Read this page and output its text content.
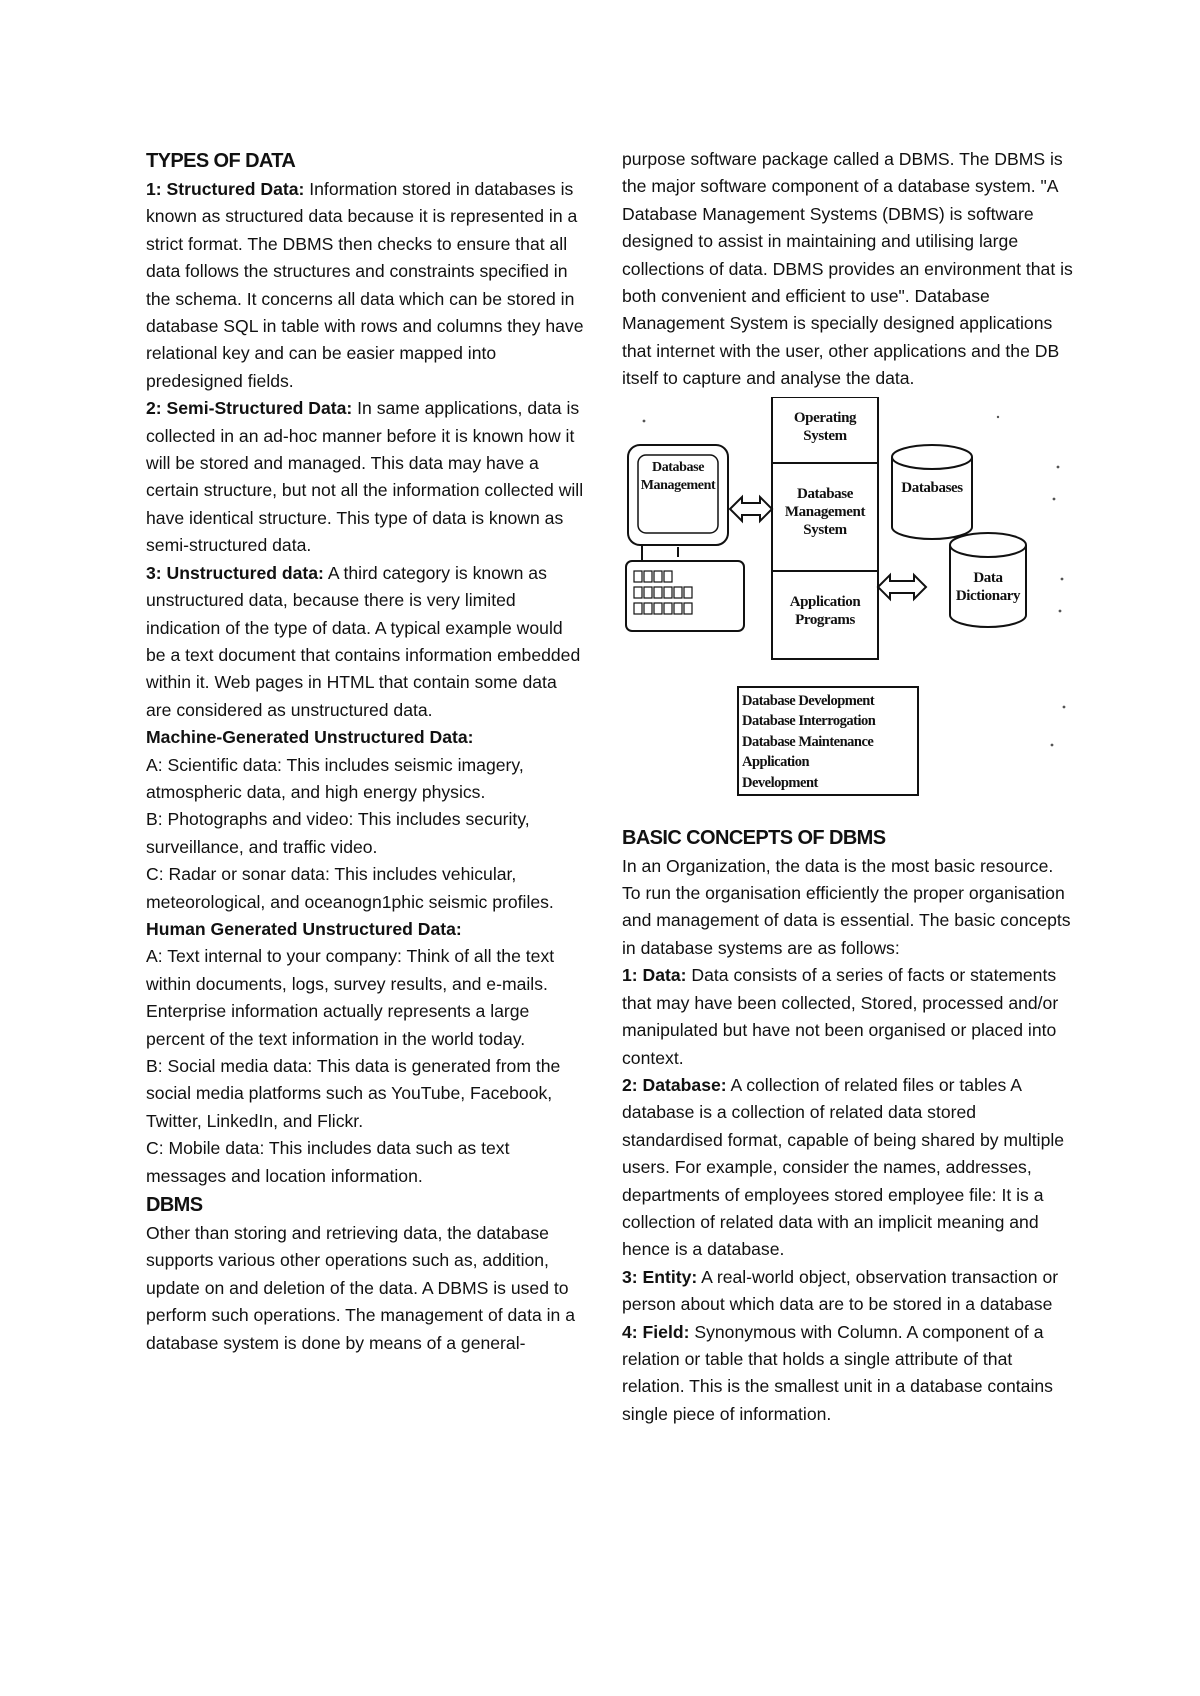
TYPES OF DATA

1: Structured Data: Information stored in databases is known as structured data because it is represented in a strict format. The DBMS then checks to ensure that all data follows the structures and constraints specified in the schema. It concerns all data which can be stored in database SQL in table with rows and columns they have relational key and can be easier mapped into predesigned fields.

2: Semi-Structured Data: In same applications, data is collected in an ad-hoc manner before it is known how it will be stored and managed. This data may have a certain structure, but not all the information collected will have identical structure. This type of data is known as semi-structured data.

3: Unstructured data: A third category is known as unstructured data, because there is very limited indication of the type of data. A typical example would be a text document that contains information embedded within it. Web pages in HTML that contain some data are considered as unstructured data.

Machine-Generated Unstructured Data:

A: Scientific data: This includes seismic imagery, atmospheric data, and high energy physics.

B: Photographs and video: This includes security, surveillance, and traffic video.

C: Radar or sonar data: This includes vehicular, meteorological, and oceanogn1phic seismic profiles.

Human Generated Unstructured Data:

A: Text internal to your company: Think of all the text within documents, logs, survey results, and e-mails. Enterprise information actually represents a large percent of the text information in the world today.

B: Social media data: This data is generated from the social media platforms such as YouTube, Facebook, Twitter, LinkedIn, and Flickr.

C: Mobile data: This includes data such as text messages and location information.

DBMS

Other than storing and retrieving data, the database supports various other operations such as, addition, update on and deletion of the data. A DBMS is used to perform such operations. The management of data in a database system is done by means of a general-

purpose software package called a DBMS. The DBMS is the major software component of a database system. "A Database Management Systems (DBMS) is software designed to assist in maintaining and utilising large collections of data. DBMS provides an environment that is both convenient and efficient to use". Database Management System is specially designed applications that internet with the user, other applications and the DB itself to capture and analyse the data.

Operating System
Database Management System
Application Programs
Database Management	Databases
Data Dictionary
Database Development
Database Interrogation
Database Maintenance
Application
Development
BASIC CONCEPTS OF DBMS

In an Organization, the data is the most basic resource. To run the organisation efficiently the proper organisation and management of data is essential. The basic concepts in database systems are as follows:

1: Data: Data consists of a series of facts or statements that may have been collected, Stored, processed and/or manipulated but have not been organised or placed into context.

2: Database: A collection of related files or tables A database is a collection of related data stored standardised format, capable of being shared by multiple users. For example, consider the names, addresses, departments of employees stored employee file: It is a collection of related data with an implicit meaning and hence is a database.

3: Entity: A real-world object, observation transaction or person about which data are to be stored in a database

4: Field: Synonymous with Column. A component of a relation or table that holds a single attribute of that relation. This is the smallest unit in a database contains single piece of information.
